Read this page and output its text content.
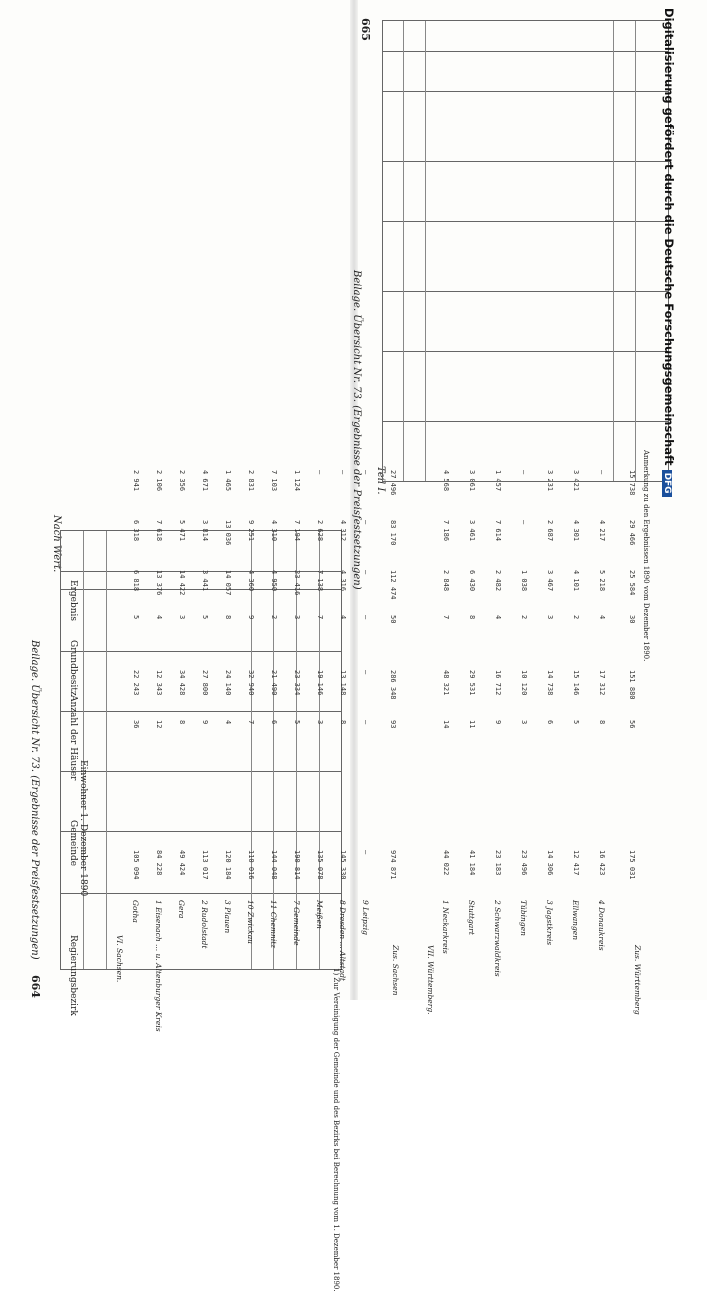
664
Beilage. Übersicht Nr. 73. (Ergebnisse der Preisfestsetzungen)
Nach Wert.
Regierungsbezirk
Gemeinde Einwohner 1. Dezember 1890
Anzahl der Häuser
Grundbesitz
Ergebnis
VI. Sachsen.
Gotha
105 094
36
22 243
5
6 818
6 318
2 941
1 Eisenach ... u. Altenburger Kreis
84 228
12
12 343
4
13 376
7 618
2 106
Gera
49 424
8
34 428
3
14 422
5 471
2 356
2 Rudolstadt
113 017
9
27 800
5
3 441
3 814
4 671
3 Plauen
120 184
4
24 140
8
14 057
13 036
1 465
10 Zwickau
110 016
7
32 940
9
4 360
9 251
2 831
11 Chemnitz
144 048
6
21 490
2
4 950
4 310
7 103
7 Gemeinde
190 814
5
23 334
3
23 416
7 194
1 124
Meißen
135 078
3
19 146
7
7 138
2 628
—
8 Dresden ... Altstadt
145 330
8
13 148
4
4 316
4 312
—
9 Leipzig
—
—
—
—
—
—
—
974 871
93
286 348
50
112 474
83 170
27 496
Zus. Sachsen	VII. Württemberg.
1 Neckarkreis
44 022
14
48 321
7
2 848
7 186
4 568
Stuttgart
41 184
11
29 531
8
6 430
3 461
3 061
2 Schwarzwaldkreis
23 183
9
16 712
4
2 482
7 614
1 457
Tübingen
23 496
3
10 120
2
1 038
—
—
3 Jagstkreis
14 306
6
14 738
3
3 467
2 687
3 231
Ellwangen
12 417
5
15 146
2
4 101
4 301
3 421
4 Donaukreis
16 423
8
17 312
4
5 218
4 217
—
175 031
56
151 880
30
25 584
29 466
15 738
Zus. Württemberg
1) Zur Vereinigung der Gemeinde und des Bezirks bei Berechnung vom 1. Dezember 1890.
665
Beilage. Übersicht Nr. 73. (Ergebnisse der Preisfestsetzungen) Teil I.	Anmerkung zu den Ergebnissen 1890 vom Dezember 1890.
Digitalisierung gefördert durch die Deutsche ForschungsgemeinschaftDFG
